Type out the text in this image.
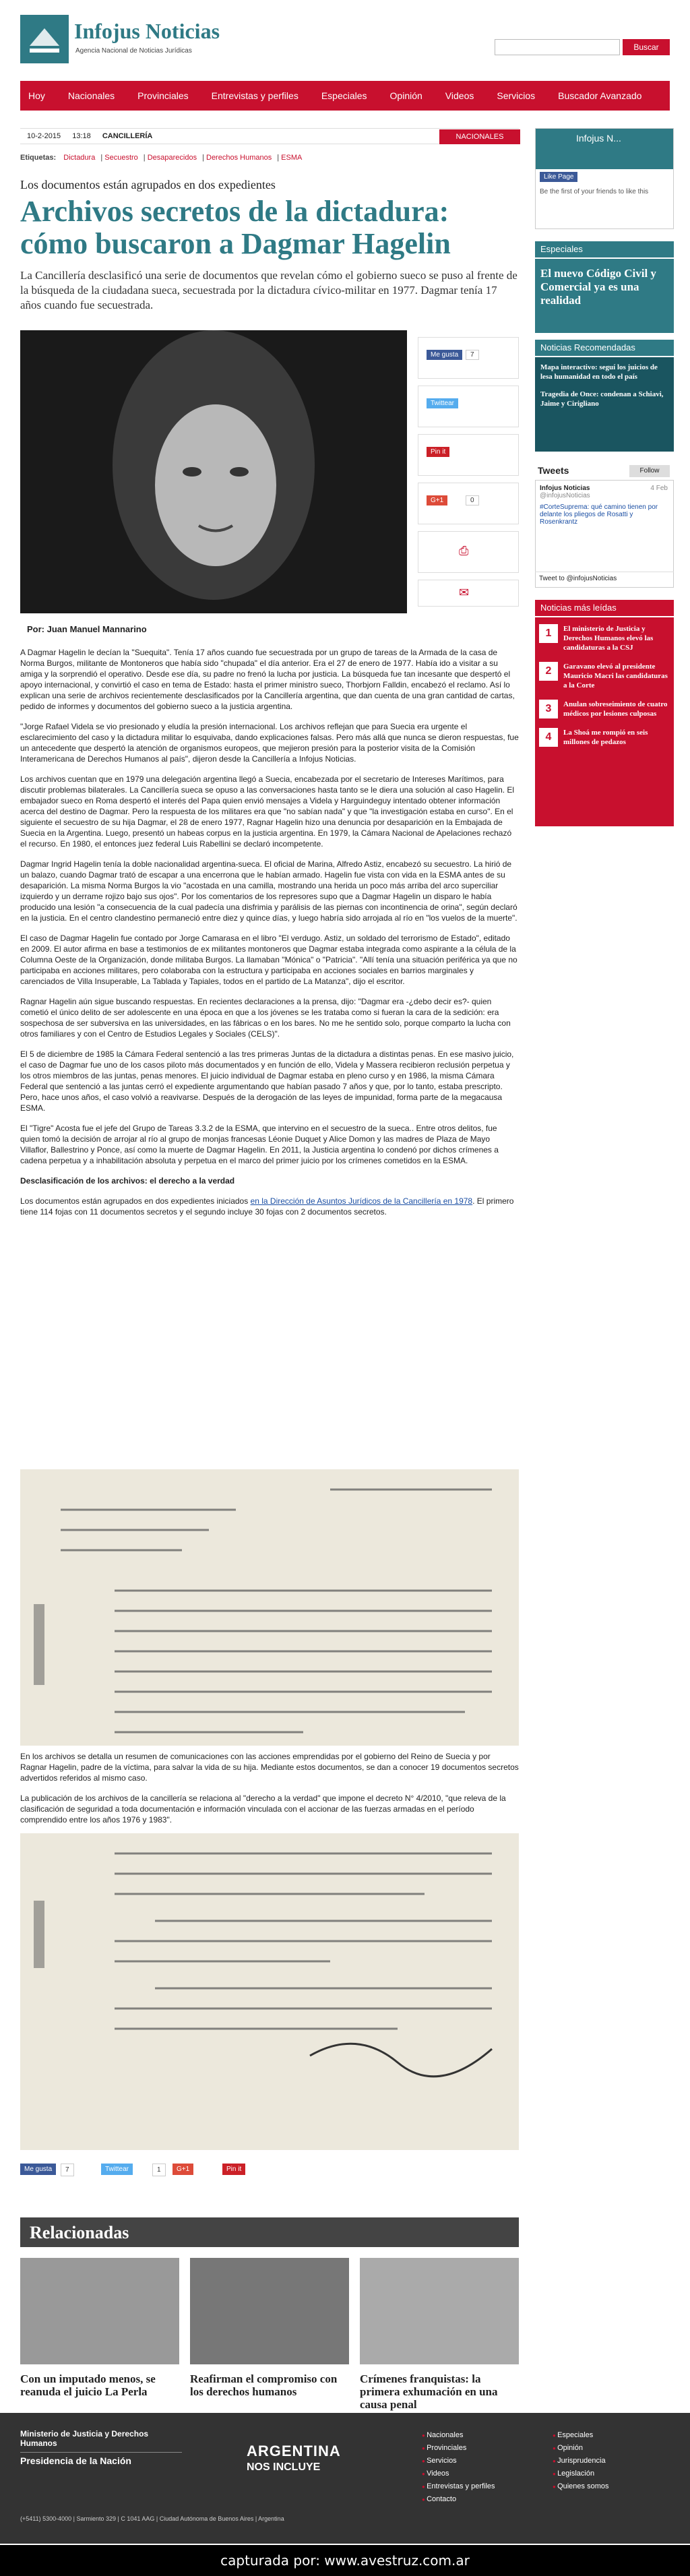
Infojus Noticias
Agencia Nacional de Noticias Jurídicas	Buscar
Hoy Nacionales Provinciales Entrevistas y perfiles Especiales Opinión Videos Servicios Buscador Avanzado
10-2-2015 13:18 CANCILLERÍA	NACIONALES
Etiquetas: Dictadura | Secuestro | Desaparecidos | Derechos Humanos | ESMA
Los documentos están agrupados en dos expedientes
Archivos secretos de la dictadura: cómo buscaron a Dagmar Hagelin
La Cancillería desclasificó una serie de documentos que revelan cómo el gobierno sueco se puso al frente de la búsqueda de la ciudadana sueca, secuestrada por la dictadura cívico-militar en 1977. Dagmar tenía 17 años cuando fue secuestrada.
Por: Juan Manuel Mannarino
Me gusta	7
Twittear
Pin it
G+1	0
⎙
✉

A Dagmar Hagelin le decían la "Suequita". Tenía 17 años cuando fue secuestrada por un grupo de tareas de la Armada de la casa de Norma Burgos, militante de Montoneros que había sido "chupada" el día anterior. Era el 27 de enero de 1977. Había ido a visitar a su amiga y la sorprendió el operativo. Desde ese día, su padre no frenó la lucha por justicia. La búsqueda fue tan incesante que despertó el apoyo internacional, y convirtió el caso en tema de Estado: hasta el primer ministro sueco, Thorbjorn Falldin, encabezó el reclamo. Así lo explican una serie de archivos recientemente desclasificados por la Cancillería argentina, que dan cuenta de una gran cantidad de cartas, pedido de informes y documentos del gobierno sueco a la justicia argentina.

"Jorge Rafael Videla se vio presionado y eludía la presión internacional. Los archivos reflejan que para Suecia era urgente el esclarecimiento del caso y la dictadura militar lo esquivaba, dando explicaciones falsas. Pero más allá que nunca se dieron respuestas, fue un antecedente que despertó la atención de organismos europeos, que mejieron presión para la posterior visita de la Comisión Interamericana de Derechos Humanos al país", dijeron desde la Cancillería a Infojus Noticias.

Los archivos cuentan que en 1979 una delegación argentina llegó a Suecia, encabezada por el secretario de Intereses Marítimos, para discutir problemas bilaterales. La Cancillería sueca se opuso a las conversaciones hasta tanto se le diera una solución al caso Hagelin. El embajador sueco en Roma despertó el interés del Papa quien envió mensajes a Videla y Harguindeguy intentado obtener información acerca del destino de Dagmar. Pero la respuesta de los militares era que "no sabían nada" y que "la investigación estaba en curso". En el siguiente el secuestro de su hija Dagmar, el 28 de enero 1977, Ragnar Hagelin hizo una denuncia por desaparición en la Embajada de Suecia en la Argentina. Luego, presentó un habeas corpus en la justicia argentina. En 1979, la Cámara Nacional de Apelaciones rechazó el recurso. En 1980, el entonces juez federal Luis Rabellini se declaró incompetente.

Dagmar Ingrid Hagelin tenía la doble nacionalidad argentina-sueca. El oficial de Marina, Alfredo Astiz, encabezó su secuestro. La hirió de un balazo, cuando Dagmar trató de escapar a una encerrona que le habían armado. Hagelin fue vista con vida en la ESMA antes de su desaparición. La misma Norma Burgos la vio "acostada en una camilla, mostrando una herida un poco más arriba del arco superciliar izquierdo y un derrame rojizo bajo sus ojos". Por los comentarios de los represores supo que a Dagmar Hagelin un disparo le había producido una lesión "a consecuencia de la cual padecía una disfrimia y parálisis de las piernas con incontinencia de orina", según declaró en la justicia. En el centro clandestino permaneció entre diez y quince días, y luego habría sido arrojada al río en "los vuelos de la muerte".

El caso de Dagmar Hagelin fue contado por Jorge Camarasa en el libro "El verdugo. Astiz, un soldado del terrorismo de Estado", editado en 2009. El autor afirma en base a testimonios de ex militantes montoneros que Dagmar estaba integrada como aspirante a la célula de la Columna Oeste de la Organización, donde militaba Burgos. La llamaban "Mónica" o "Patricia". "Allí tenía una situación periférica ya que no participaba en acciones militares, pero colaboraba con la estructura y participaba en acciones sociales en barrios marginales y carenciados de Villa Insuperable, La Tablada y Tapiales, todos en el partido de La Matanza", dijo el escritor.

Ragnar Hagelin aún sigue buscando respuestas. En recientes declaraciones a la prensa, dijo: "Dagmar era -¿debo decir es?- quien cometió el único delito de ser adolescente en una época en que a los jóvenes se les trataba como si fueran la cara de la sedición: era sospechosa de ser subversiva en las universidades, en las fábricas o en los bares. No me he sentido solo, porque comparto la lucha con otros familiares y con el Centro de Estudios Legales y Sociales (CELS)".

El 5 de diciembre de 1985 la Cámara Federal sentenció a las tres primeras Juntas de la dictadura a distintas penas. En ese masivo juicio, el caso de Dagmar fue uno de los casos piloto más documentados y en función de ello, Videla y Massera recibieron reclusión perpetua y los otros miembros de las juntas, penas menores. El juicio individual de Dagmar estaba en pleno curso y en 1986, la misma Cámara Federal que sentenció a las juntas cerró el expediente argumentando que habían pasado 7 años y que, por lo tanto, estaba prescripto. Pero, hace unos años, el caso volvió a reavivarse. Después de la derogación de las leyes de impunidad, forma parte de la megacausa ESMA.

El "Tigre" Acosta fue el jefe del Grupo de Tareas 3.3.2 de la ESMA, que intervino en el secuestro de la sueca.. Entre otros delitos, fue quien tomó la decisión de arrojar al río al grupo de monjas francesas Léonie Duquet y Alice Domon y las madres de Plaza de Mayo Villaflor, Ballestrino y Ponce, así como la muerte de Dagmar Hagelin. En 2011, la Justicia argentina lo condenó por dichos crímenes a cadena perpetua y a inhabilitación absoluta y perpetua en el marco del primer juicio por los crímenes cometidos en la ESMA.

Desclasificación de los archivos: el derecho a la verdad

Los documentos están agrupados en dos expedientes iniciados en la Dirección de Asuntos Jurídicos de la Cancillería en 1978. El primero tiene 114 fojas con 11 documentos secretos y el segundo incluye 30 fojas con 2 documentos secretos.

En los archivos se detalla un resumen de comunicaciones con las acciones emprendidas por el gobierno del Reino de Suecia y por Ragnar Hagelin, padre de la víctima, para salvar la vida de su hija. Mediante estos documentos, se dan a conocer 19 documentos secretos advertidos referidos al mismo caso.
La publicación de los archivos de la cancillería se relaciona al "derecho a la verdad" que impone el decreto N° 4/2010, "que releva de la clasificación de seguridad a toda documentación e información vinculada con el accionar de las fuerzas armadas en el período comprendido entre los años 1976 y 1983".
Me gusta	7	Twittear	1	G+1	Pin it
Relacionadas
Con un imputado menos, se reanuda el juicio La Perla
Reafirman el compromiso con los derechos humanos
Crímenes franquistas: la primera exhumación en una causa penal
Infojus N...
Like Page
Be the first of your friends to like this
Especiales
El nuevo Código Civil y Comercial ya es una realidad
Noticias Recomendadas
Mapa interactivo: seguí los juicios de lesa humanidad en todo el país
Tragedia de Once: condenan a Schiavi, Jaime y Cirigliano
Tweets	Follow
Infojus Noticias
@infojusNoticias
4 Feb
#CorteSuprema: qué camino tienen por delante los pliegos de Rosatti y Rosenkrantz
Tweet to @infojusNoticias
Noticias más leídas
1	El ministerio de Justicia y Derechos Humanos elevó las candidaturas a la CSJ
2	Garavano elevó al presidente Mauricio Macri las candidaturas a la Corte
3	Anulan sobreseimiento de cuatro médicos por lesiones culposas
4	La Shoá me rompió en seis millones de pedazos
Ministerio de Justicia y Derechos Humanos
Presidencia de la Nación
ARGENTINA
NOS INCLUYE
● Nacionales
● Provinciales
● Servicios
● Videos
● Entrevistas y perfiles
● Contacto
● Especiales
● Opinión
● Jurisprudencia
● Legislación
● Quienes somos
(+5411) 5300-4000 | Sarmiento 329 | C 1041 AAG | Ciudad Autónoma de Buenos Aires | Argentina
capturada por: www.avestruz.com.ar
